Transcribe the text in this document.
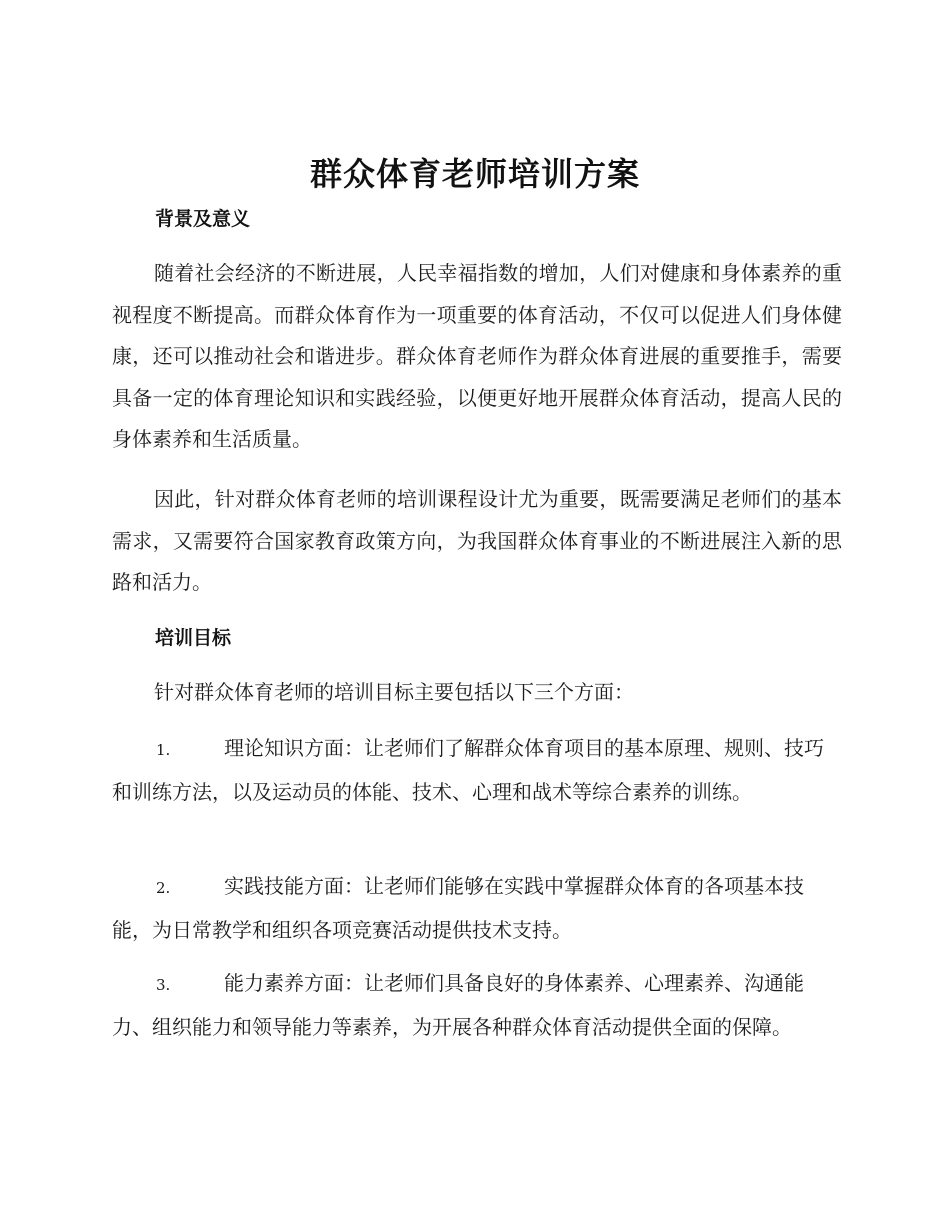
群众体育老师培训方案
背景及意义
随着社会经济的不断进展，人民幸福指数的增加，人们对健康和身体素养的重视程度不断提高。而群众体育作为一项重要的体育活动，不仅可以促进人们身体健康，还可以推动社会和谐进步。群众体育老师作为群众体育进展的重要推手，需要具备一定的体育理论知识和实践经验，以便更好地开展群众体育活动，提高人民的身体素养和生活质量。
因此，针对群众体育老师的培训课程设计尤为重要，既需要满足老师们的基本需求，又需要符合国家教育政策方向，为我国群众体育事业的不断进展注入新的思路和活力。
培训目标
针对群众体育老师的培训目标主要包括以下三个方面：
1.	理论知识方面：让老师们了解群众体育项目的基本原理、规则、技巧和训练方法，以及运动员的体能、技术、心理和战术等综合素养的训练。
2.	实践技能方面：让老师们能够在实践中掌握群众体育的各项基本技能，为日常教学和组织各项竞赛活动提供技术支持。
3.	能力素养方面：让老师们具备良好的身体素养、心理素养、沟通能力、组织能力和领导能力等素养，为开展各种群众体育活动提供全面的保障。
